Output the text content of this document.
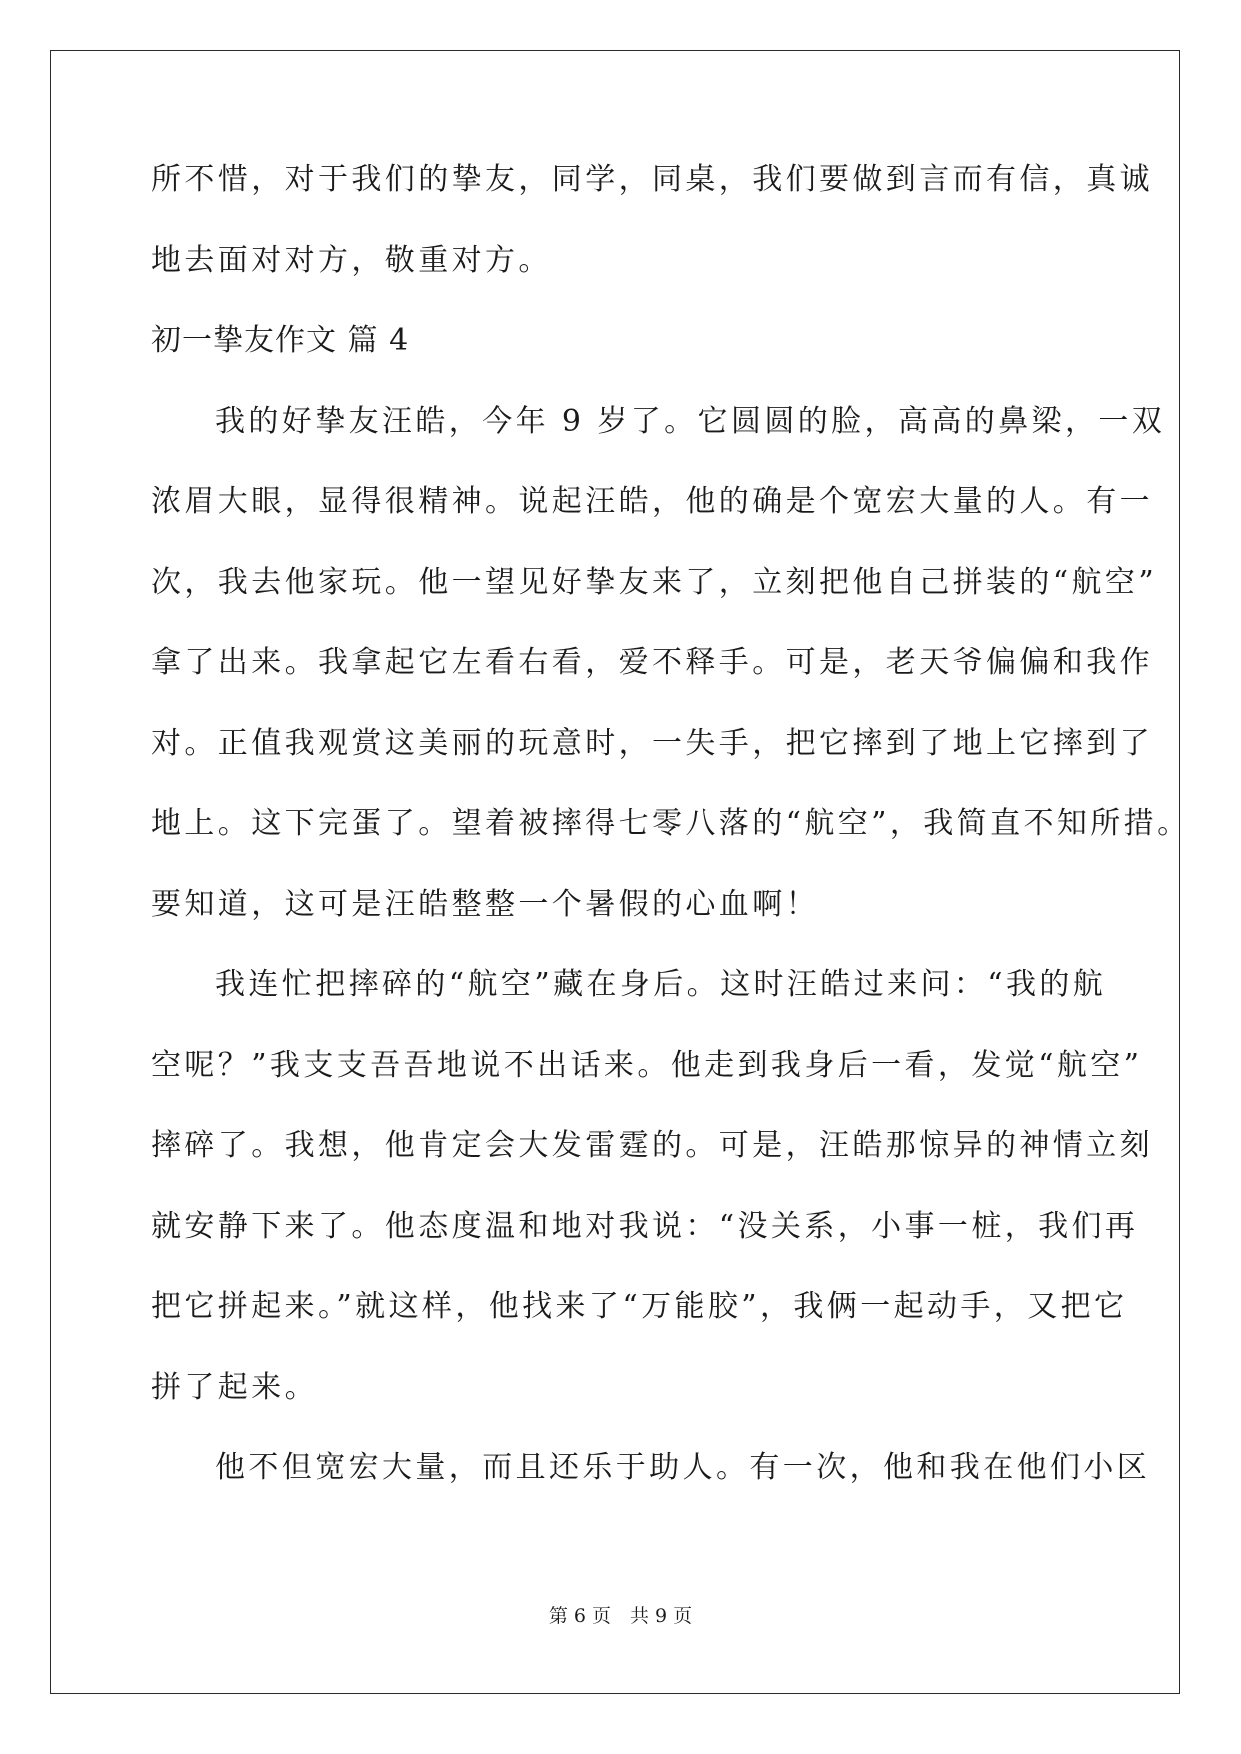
所不惜，对于我们的挚友，同学，同桌，我们要做到言而有信，真诚
地去面对对方，敬重对方。
初一挚友作文 篇 4
我的好挚友汪皓，今年 9 岁了。它圆圆的脸，高高的鼻梁，一双
浓眉大眼，显得很精神。说起汪皓，他的确是个宽宏大量的人。有一
次，我去他家玩。他一望见好挚友来了，立刻把他自己拼装的“航空”
拿了出来。我拿起它左看右看，爱不释手。可是，老天爷偏偏和我作
对。正值我观赏这美丽的玩意时，一失手，把它摔到了地上它摔到了
地上。这下完蛋了。望着被摔得七零八落的“航空”，我简直不知所措。
要知道，这可是汪皓整整一个暑假的心血啊！
我连忙把摔碎的“航空”藏在身后。这时汪皓过来问：“我的航
空呢？”我支支吾吾地说不出话来。他走到我身后一看，发觉“航空”
摔碎了。我想，他肯定会大发雷霆的。可是，汪皓那惊异的神情立刻
就安静下来了。他态度温和地对我说：“没关系，小事一桩，我们再
把它拼起来。”就这样，他找来了“万能胶”，我俩一起动手，又把它
拼了起来。
他不但宽宏大量，而且还乐于助人。有一次，他和我在他们小区
第 6 页　共 9 页
